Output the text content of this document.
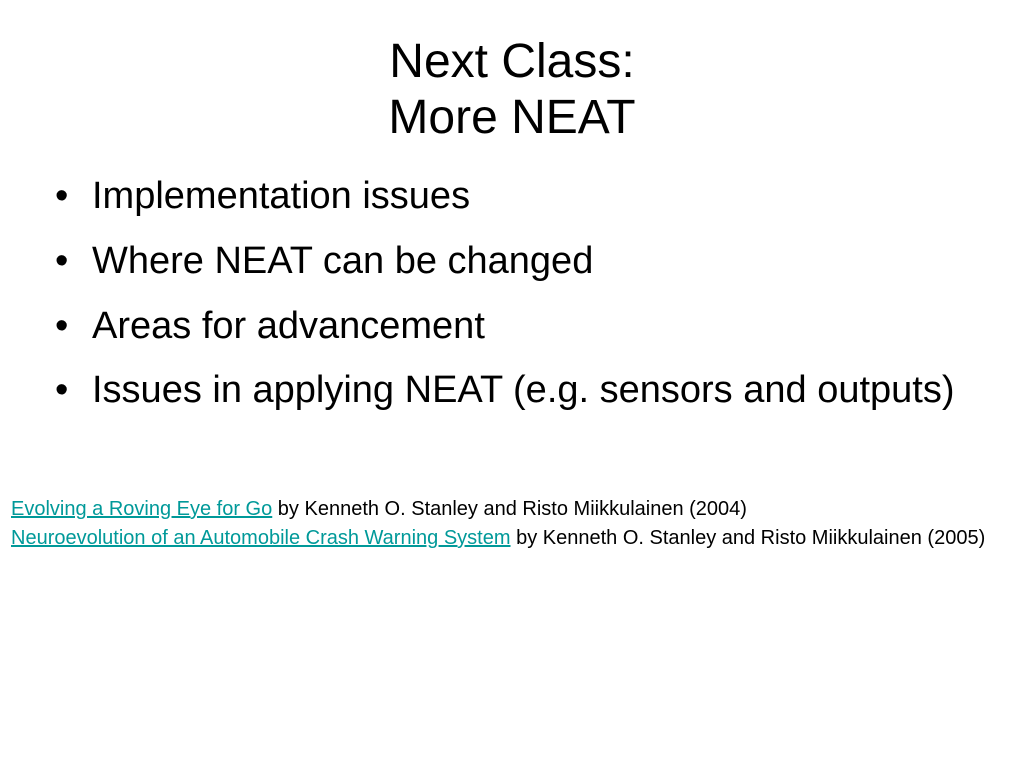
Next Class:
More NEAT
• Implementation issues
• Where NEAT can be changed
• Areas for advancement
• Issues in applying NEAT (e.g. sensors and outputs)
Evolving a Roving Eye for Go by Kenneth O. Stanley and Risto Miikkulainen (2004)
Neuroevolution of an Automobile Crash Warning System by Kenneth O. Stanley and Risto Miikkulainen (2005)
